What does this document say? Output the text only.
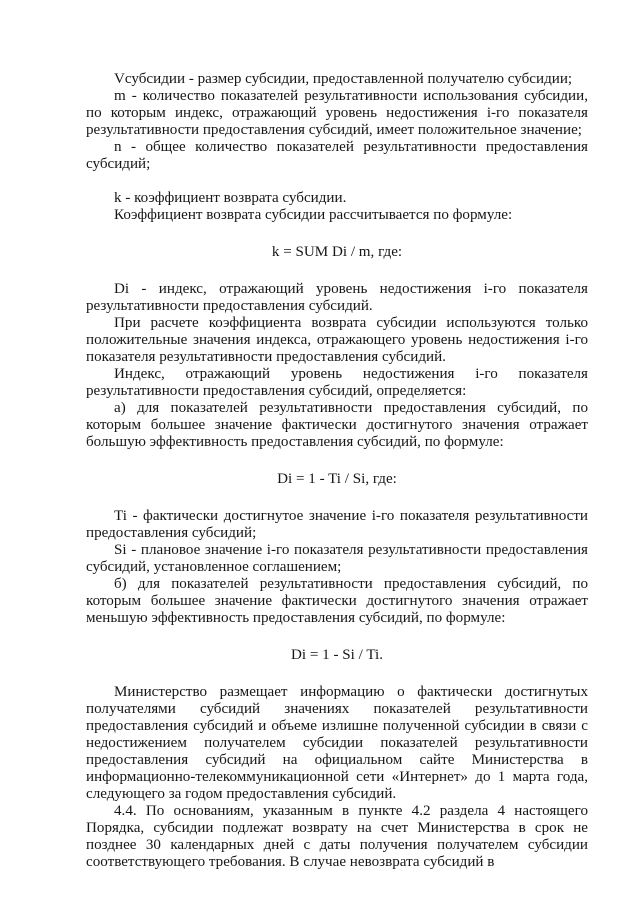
Vсубсидии - размер субсидии, предоставленной получателю субсидии;

m - количество показателей результативности использования субсидии, по которым индекс, отражающий уровень недостижения i-го показателя результативности предоставления субсидий, имеет положительное значение;

n - общее количество показателей результативности предоставления субсидий;

k - коэффициент возврата субсидии.

Коэффициент возврата субсидии рассчитывается по формуле:

k = SUM Di / m, где:

Di - индекс, отражающий уровень недостижения i-го показателя результативности предоставления субсидий.

При расчете коэффициента возврата субсидии используются только положительные значения индекса, отражающего уровень недостижения i-го показателя результативности предоставления субсидий.

Индекс, отражающий уровень недостижения i-го показателя результативности предоставления субсидий, определяется:

а) для показателей результативности предоставления субсидий, по которым большее значение фактически достигнутого значения отражает большую эффективность предоставления субсидий, по формуле:

Di = 1 - Ti / Si, где:

Ti - фактически достигнутое значение i-го показателя результативности предоставления субсидий;

Si - плановое значение i-го показателя результативности предоставления субсидий, установленное соглашением;

б) для показателей результативности предоставления субсидий, по которым большее значение фактически достигнутого значения отражает меньшую эффективность предоставления субсидий, по формуле:

Di = 1 - Si / Ti.

Министерство размещает информацию о фактически достигнутых получателями субсидий значениях показателей результативности предоставления субсидий и объеме излишне полученной субсидии в связи с недостижением получателем субсидии показателей результативности предоставления субсидий на официальном сайте Министерства в информационно-телекоммуникационной сети «Интернет» до 1 марта года, следующего за годом предоставления субсидий.

4.4. По основаниям, указанным в пункте 4.2 раздела 4 настоящего Порядка, субсидии подлежат возврату на счет Министерства в срок не позднее 30 календарных дней с даты получения получателем субсидии соответствующего требования. В случае невозврата субсидий в
